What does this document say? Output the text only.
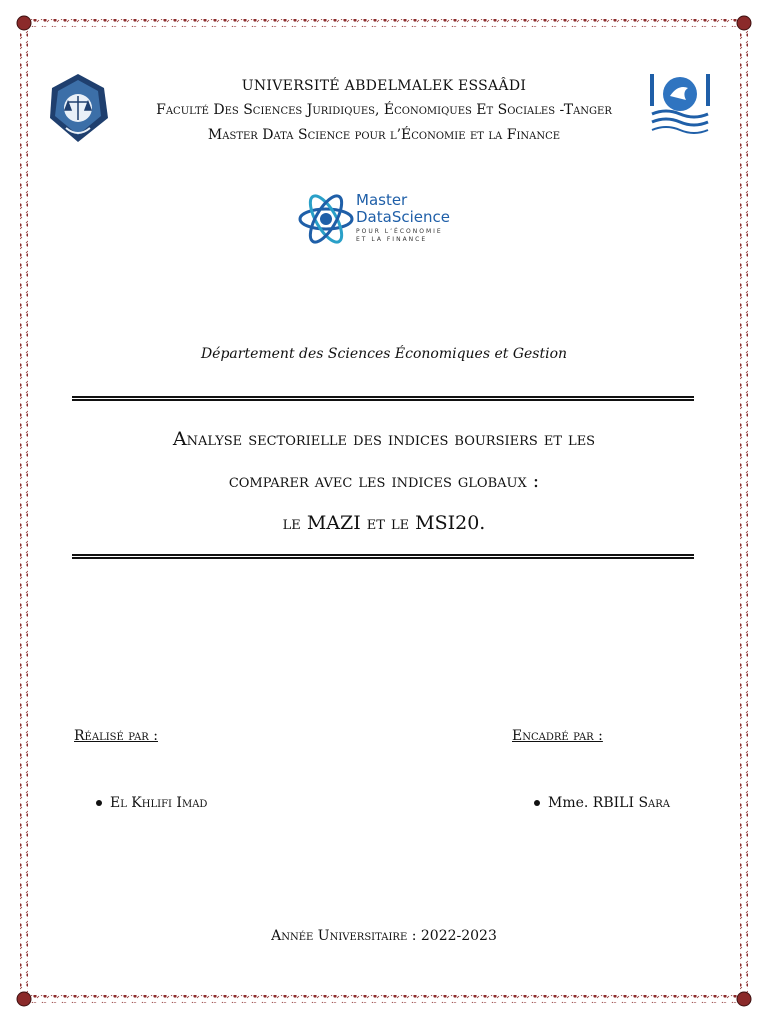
UNIVERSITÉ ABDELMALEK ESSAÂDI
Faculté Des Sciences Juridiques, Économiques Et Sociales -Tanger
Master Data Science pour l’Économie et la Finance
Master
DataScience
POUR L’ÉCONOMIE
ET LA FINANCE
Département des Sciences Économiques et Gestion
Analyse sectorielle des indices boursiers et les
comparer avec les indices globaux :
le MAZI et le MSI20.
Réalisé par :	Encadré par :
El Khlifi Imad	Mme. RBILI Sara
Année Universitaire : 2022-2023
